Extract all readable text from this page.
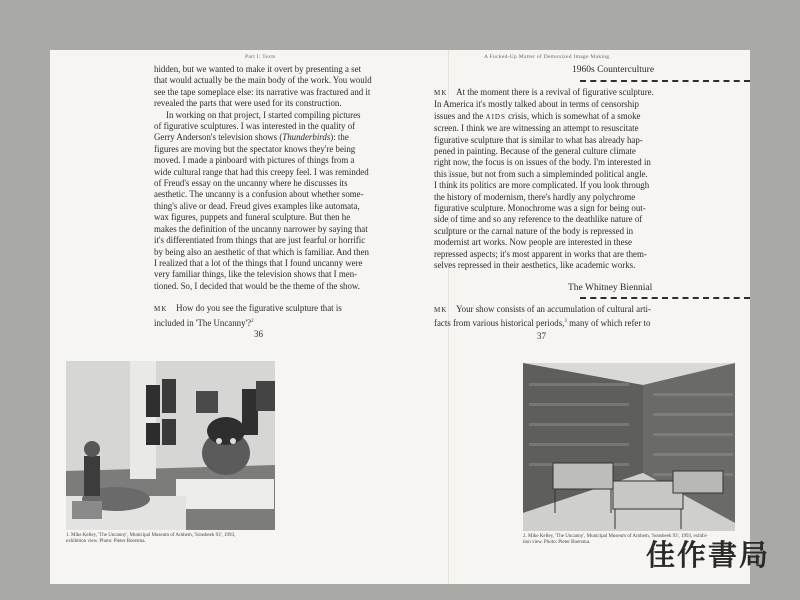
Part I: Texts

hidden, but we wanted to make it overt by presenting a set

that would actually be the main body of the work. You would

see the tape someplace else: its narrative was fractured and it

revealed the parts that were used for its construction.

In working on that project, I started compiling pictures

of figurative sculptures. I was interested in the quality of

Gerry Anderson's television shows (Thunderbirds): the

figures are moving but the spectator knows they're being

moved. I made a pinboard with pictures of things from a

wide cultural range that had this creepy feel. I was reminded

of Freud's essay on the uncanny where he discusses its

aesthetic. The uncanny is a confusion about whether some-

thing's alive or dead. Freud gives examples like automata,

wax figures, puppets and funeral sculpture. But then he

makes the definition of the uncanny narrower by saying that

it's differentiated from things that are just fearful or horrific

by being also an aesthetic of that which is familiar. And then

I realized that a lot of the things that I found uncanny were

very familiar things, like the television shows that I men-

tioned. So, I decided that would be the theme of the show.

MK How do you see the figurative sculpture that is

included in 'The Uncanny'?$^2$

36
1. Mike Kelley, 'The Uncanny', Municipal Museum of Arnhem, 'Sonsbeek 93', 1993,
exhibition view. Photo: Pieter Boersma.
A Fucked-Up Matter of Demonized Image Making
1960s Counterculture

MK At the moment there is a revival of figurative sculpture.

In America it's mostly talked about in terms of censorship

issues and the AIDS crisis, which is somewhat of a smoke

screen. I think we are witnessing an attempt to resuscitate

figurative sculpture that is similar to what has already hap-

pened in painting. Because of the general culture climate

right now, the focus is on issues of the body. I'm interested in

this issue, but not from such a simpleminded political angle.

I think its politics are more complicated. If you look through

the history of modernism, there's hardly any polychrome

figurative sculpture. Monochrome was a sign for being out-

side of time and so any reference to the deathlike nature of

sculpture or the carnal nature of the body is repressed in

modernist art works. Now people are interested in these

repressed aspects; it's most apparent in works that are them-

selves repressed in their aesthetics, like academic works.

The Whitney Biennial

MK Your show consists of an accumulation of cultural arti-

facts from various historical periods,$^3$ many of which refer to

37
2. Mike Kelley, 'The Uncanny', Municipal Museum of Arnhem, 'Sonsbeek 93', 1993, exhibi-
tion view. Photo: Pieter Boersma.	佳作書局
